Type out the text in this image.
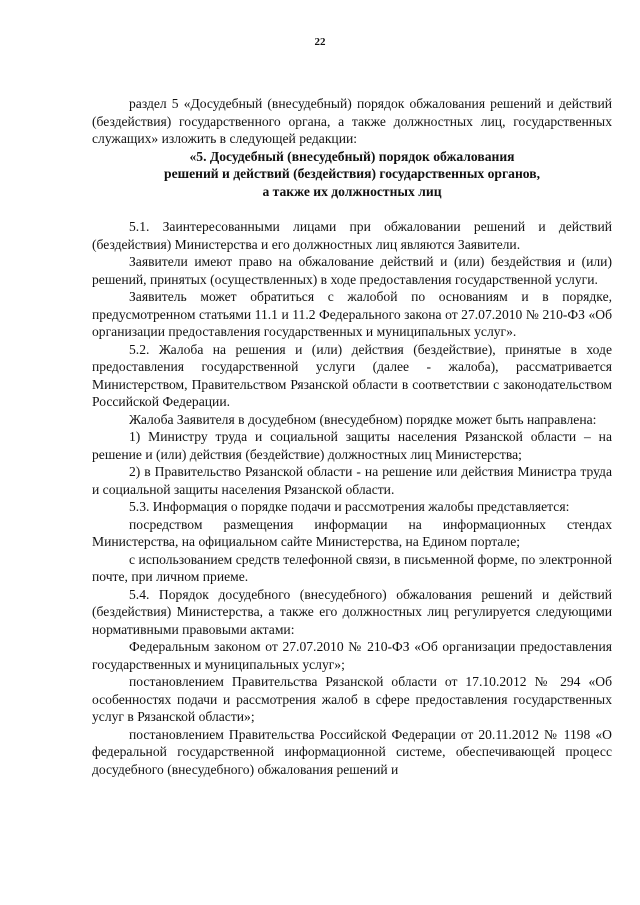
22

раздел 5 «Досудебный (внесудебный) порядок обжалования решений и действий (бездействия) государственного органа, а также должностных лиц, государственных служащих» изложить в следующей редакции:

«5. Досудебный (внесудебный) порядок обжалования

решений и действий (бездействия) государственных органов,

а также их должностных лиц

5.1. Заинтересованными лицами при обжаловании решений и действий (бездействия) Министерства и его должностных лиц являются Заявители.

Заявители имеют право на обжалование действий и (или) бездействия и (или) решений, принятых (осуществленных) в ходе предоставления государственной услуги.

Заявитель может обратиться с жалобой по основаниям и в порядке, предусмотренном статьями 11.1 и 11.2 Федерального закона от 27.07.2010 № 210-ФЗ «Об организации предоставления государственных и муниципальных услуг».

5.2. Жалоба на решения и (или) действия (бездействие), принятые в ходе предоставления государственной услуги (далее - жалоба), рассматривается Министерством, Правительством Рязанской области в соответствии с законодательством Российской Федерации.

Жалоба Заявителя в досудебном (внесудебном) порядке может быть направлена:

1) Министру труда и социальной защиты населения Рязанской области – на решение и (или) действия (бездействие) должностных лиц Министерства;

2) в Правительство Рязанской области - на решение или действия Министра труда и социальной защиты населения Рязанской области.

5.3. Информация о порядке подачи и рассмотрения жалобы представляется:

посредством размещения информации на информационных стендах Министерства, на официальном сайте Министерства, на Едином портале;

с использованием средств телефонной связи, в письменной форме, по электронной почте, при личном приеме.

5.4. Порядок досудебного (внесудебного) обжалования решений и действий (бездействия) Министерства, а также его должностных лиц регулируется следующими нормативными правовыми актами:

Федеральным законом от 27.07.2010 № 210-ФЗ «Об организации предоставления государственных и муниципальных услуг»;

постановлением Правительства Рязанской области от 17.10.2012 № 294 «Об особенностях подачи и рассмотрения жалоб в сфере предоставления государственных услуг в Рязанской области»;

постановлением Правительства Российской Федерации от 20.11.2012 № 1198 «О федеральной государственной информационной системе, обеспечивающей процесс досудебного (внесудебного) обжалования решений и
